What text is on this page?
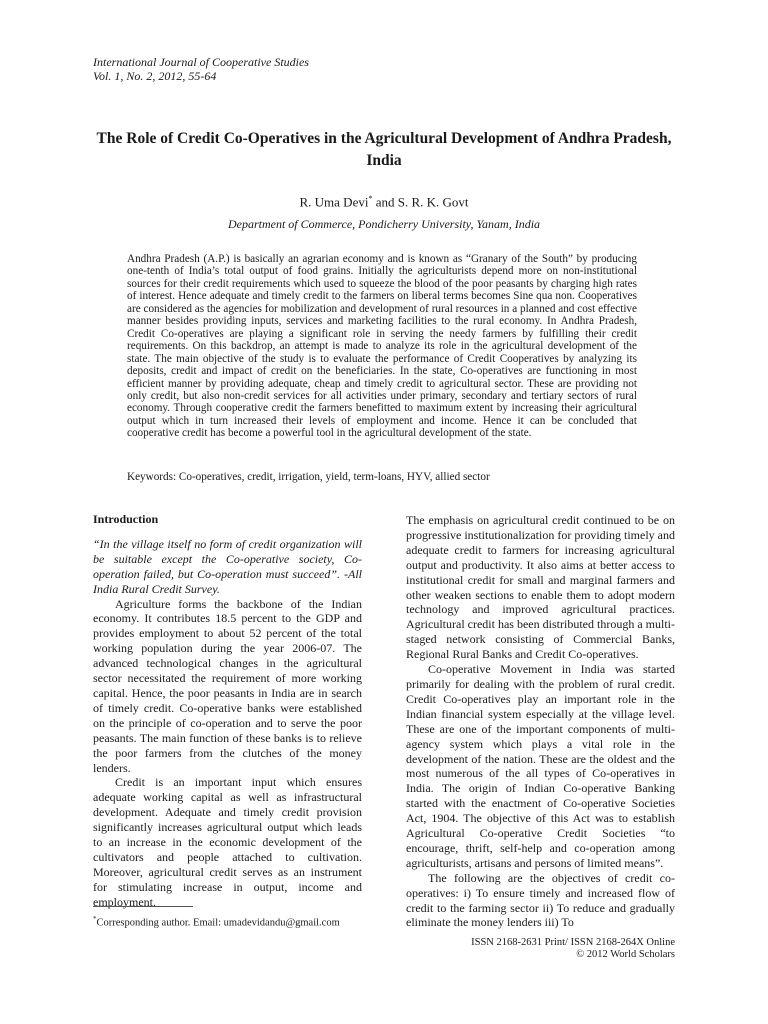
International Journal of Cooperative Studies
Vol. 1, No. 2, 2012, 55-64
The Role of Credit Co-Operatives in the Agricultural Development of Andhra Pradesh, India
R. Uma Devi* and S. R. K. Govt
Department of Commerce, Pondicherry University, Yanam, India
Andhra Pradesh (A.P.) is basically an agrarian economy and is known as “Granary of the South” by producing one-tenth of India’s total output of food grains. Initially the agriculturists depend more on non-institutional sources for their credit requirements which used to squeeze the blood of the poor peasants by charging high rates of interest. Hence adequate and timely credit to the farmers on liberal terms becomes Sine qua non. Cooperatives are considered as the agencies for mobilization and development of rural resources in a planned and cost effective manner besides providing inputs, services and marketing facilities to the rural economy. In Andhra Pradesh, Credit Co-operatives are playing a significant role in serving the needy farmers by fulfilling their credit requirements. On this backdrop, an attempt is made to analyze its role in the agricultural development of the state. The main objective of the study is to evaluate the performance of Credit Cooperatives by analyzing its deposits, credit and impact of credit on the beneficiaries. In the state, Co-operatives are functioning in most efficient manner by providing adequate, cheap and timely credit to agricultural sector. These are providing not only credit, but also non-credit services for all activities under primary, secondary and tertiary sectors of rural economy. Through cooperative credit the farmers benefitted to maximum extent by increasing their agricultural output which in turn increased their levels of employment and income. Hence it can be concluded that cooperative credit has become a powerful tool in the agricultural development of the state.
Keywords: Co-operatives, credit, irrigation, yield, term-loans, HYV, allied sector

Introduction

“In the village itself no form of credit organization will be suitable except the Co-operative society, Co-operation failed, but Co-operation must succeed”. -All India Rural Credit Survey.

Agriculture forms the backbone of the Indian economy. It contributes 18.5 percent to the GDP and provides employment to about 52 percent of the total working population during the year 2006-07. The advanced technological changes in the agricultural sector necessitated the requirement of more working capital. Hence, the poor peasants in India are in search of timely credit. Co-operative banks were established on the principle of co-operation and to serve the poor peasants. The main function of these banks is to relieve the poor farmers from the clutches of the money lenders.

Credit is an important input which ensures adequate working capital as well as infrastructural development. Adequate and timely credit provision significantly increases agricultural output which leads to an increase in the economic development of the cultivators and people attached to cultivation. Moreover, agricultural credit serves as an instrument for stimulating increase in output, income and employment.

The emphasis on agricultural credit continued to be on progressive institutionalization for providing timely and adequate credit to farmers for increasing agricultural output and productivity. It also aims at better access to institutional credit for small and marginal farmers and other weaken sections to enable them to adopt modern technology and improved agricultural practices. Agricultural credit has been distributed through a multi-staged network consisting of Commercial Banks, Regional Rural Banks and Credit Co-operatives.

Co-operative Movement in India was started primarily for dealing with the problem of rural credit. Credit Co-operatives play an important role in the Indian financial system especially at the village level. These are one of the important components of multi-agency system which plays a vital role in the development of the nation. These are the oldest and the most numerous of the all types of Co-operatives in India. The origin of Indian Co-operative Banking started with the enactment of Co-operative Societies Act, 1904. The objective of this Act was to establish Agricultural Co-operative Credit Societies “to encourage, thrift, self-help and co-operation among agriculturists, artisans and persons of limited means”.

The following are the objectives of credit co-operatives: i) To ensure timely and increased flow of credit to the farming sector ii) To reduce and gradually eliminate the money lenders iii) To

*Corresponding author. Email: umadevidandu@gmail.com
ISSN 2168-2631 Print/ ISSN 2168-264X Online
© 2012 World Scholars
